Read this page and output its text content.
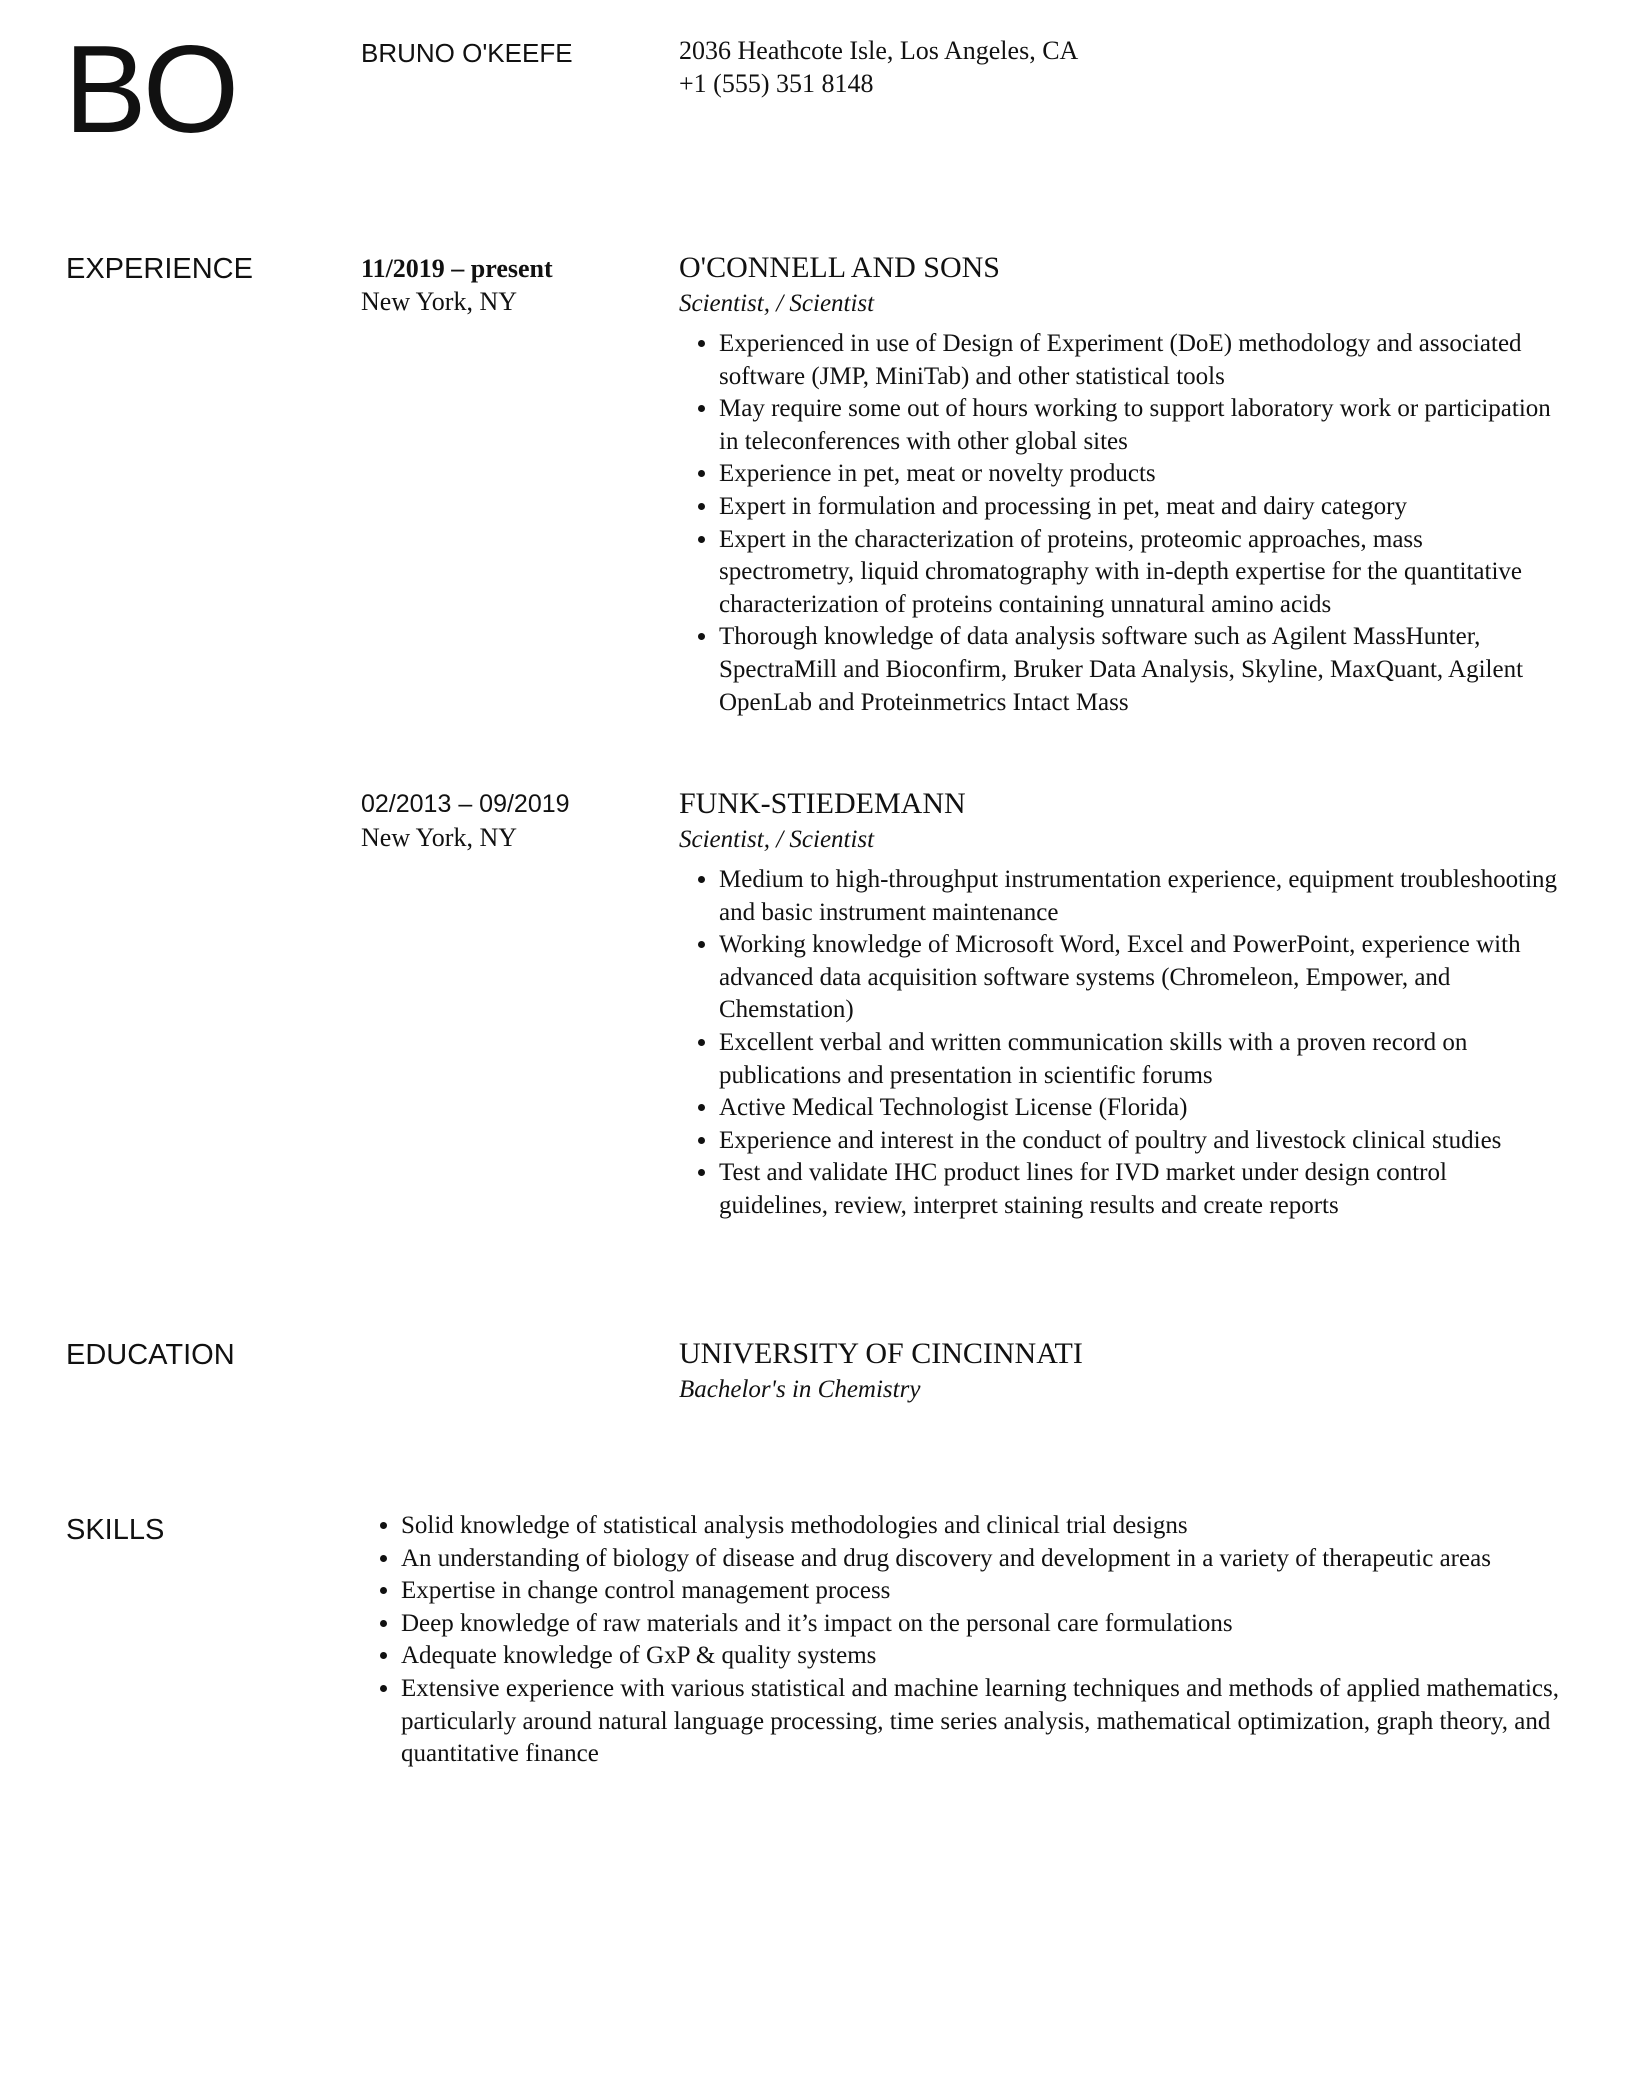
BO	BRUNO O'KEEFE	2036 Heathcote Isle, Los Angeles, CA
+1 (555) 351 8148
EXPERIENCE	11/2019 – present
New York, NY
O'CONNELL AND SONS
Scientist, / Scientist
• Experienced in use of Design of Experiment (DoE) methodology and associated software (JMP, MiniTab) and other statistical tools
• May require some out of hours working to support laboratory work or participation in teleconferences with other global sites
• Experience in pet, meat or novelty products
• Expert in formulation and processing in pet, meat and dairy category
• Expert in the characterization of proteins, proteomic approaches, mass spectrometry, liquid chromatography with in-depth expertise for the quantitative characterization of proteins containing unnatural amino acids
• Thorough knowledge of data analysis software such as Agilent MassHunter, SpectraMill and Bioconfirm, Bruker Data Analysis, Skyline, MaxQuant, Agilent OpenLab and Proteinmetrics Intact Mass
02/2013 – 09/2019
New York, NY
FUNK-STIEDEMANN
Scientist, / Scientist
• Medium to high-throughput instrumentation experience, equipment troubleshooting and basic instrument maintenance
• Working knowledge of Microsoft Word, Excel and PowerPoint, experience with advanced data acquisition software systems (Chromeleon, Empower, and Chemstation)
• Excellent verbal and written communication skills with a proven record on publications and presentation in scientific forums
• Active Medical Technologist License (Florida)
• Experience and interest in the conduct of poultry and livestock clinical studies
• Test and validate IHC product lines for IVD market under design control guidelines, review, interpret staining results and create reports
EDUCATION	UNIVERSITY OF CINCINNATI
Bachelor's in Chemistry
SKILLS
•	Solid knowledge of statistical analysis methodologies and clinical trial designs
• An understanding of biology of disease and drug discovery and development in a variety of therapeutic areas
• Expertise in change control management process
• Deep knowledge of raw materials and it’s impact on the personal care formulations
• Adequate knowledge of GxP & quality systems
• Extensive experience with various statistical and machine learning techniques and methods of applied mathematics, particularly around natural language processing, time series analysis, mathematical optimization, graph theory, and quantitative finance
